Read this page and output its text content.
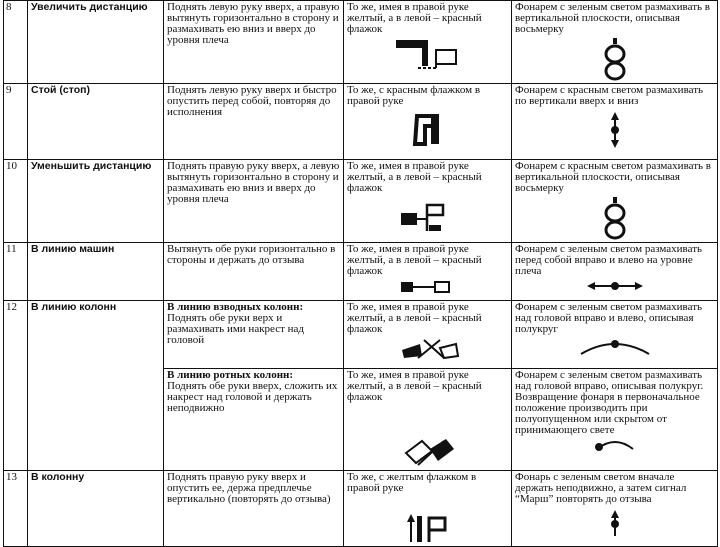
8	Увеличить дистанцию	Поднять левую руку вверх, а правую вытянуть горизонтально в сторону и размахивать ею вниз и вверх до уровня плеча	То же, имея в правой руке желтый, а в левой – красный флажок	Фонарем с зеленым светом размахивать в вертикальной плоскости, описывая восьмерку

9	Стой (стоп)	Поднять левую руку вверх и быстро опустить перед собой, повторяя до исполнения	То же, с красным флажком в правой руке	Фонарем с красным светом размахивать по вертикали вверх и вниз

10	Уменьшить дистанцию	Поднять правую руку вверх, а левую вытянуть горизонтально в сторону и размахивать ею вниз и вверх до уровня плеча	То же, имея в правой руке желтый, а в левой – красный флажок	Фонарем с красным светом размахивать в вертикальной плоскости, описывая восьмерку

11	В линию машин	Вытянуть обе руки горизонтально в стороны и держать до отзыва	То же, имея в правой руке желтый, а в левой – красный флажок	Фонарем с зеленым светом размахивать перед собой вправо и влево на уровне плеча

12	В линию колонн	В линию взводных колонн:
Поднять обе руки верх и размахивать ими накрест над головой	То же, имея в правой руке желтый, а в левой – красный флажок	Фонарем с зеленым светом размахивать над головой вправо и влево, описывая полукруг

		В линию ротных колонн:
Поднять обе руки вверх, сложить их накрест над головой и держать неподвижно	То же, имея в правой руке желтый, а в левой – красный флажок	Фонарем с зеленым светом размахивать над головой вправо, описывая полукруг. Возвращение фонаря в первоначальное положение производить при полуопущенном или скрытом от принимающего свете

13	В колонну	Поднять правую руку вверх и опустить ее, держа предплечье вертикально (повторять до отзыва)	То же, с желтым флажком в правой руке	Фонарь с зеленым светом вначале держать неподвижно, а затем сигнал “Марш” повторять до отзыва
